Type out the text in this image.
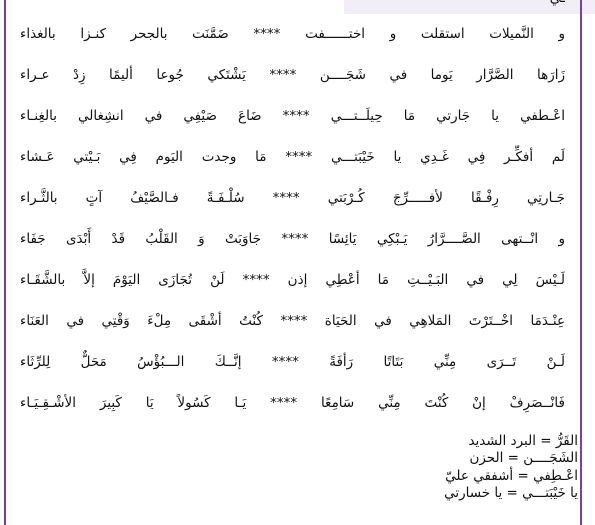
و النَّميلات استقلت و اختــــــفت **** ضَمَّنَت بالجحر كنـزا بالغذاء
زَارَها الصَّرَّار يَوما في شَجَــــن **** يَشْتَكي جُوعا أليمًا زِدْ عـراء
اعْـطفي يا جَارتي مَا حِيلَــتـــي **** ضَاعَ صَيْفِي في انشِغالي بالغِنـاء
لَم أفكِّـر فِي غَـدِي يا خَيْبَتـــي **** مَا وجدت اليَوم فِي بَـيْتي عَـشاء
جَـارتِي رِفْـقًا لأفـــــرِّجَ كُـرْبَتي **** سُلْـفَـةً فـالصَّيْفُ آتٍ بالثَّـراء
و انْــتهى الصَّــــرَّارُ يَـبْكِي يَائِسًا **** جَاوَبَتْ وَ القَلْبُ قَدْ أَبْدَى جَفَاء
لَـيْسَ لِي في البَـيْــتِ مَا أعْطِي إذن **** لَنْ تُجَازَى اليَوْمَ إلاَّ بالشَّقَـاء
عِنْـدَمَا اخْــتَرْتَ المَلاهِي في الحَيَاة **** كُنْتُ أشْقَى مِلْءَ وَقْتِي في العَنَاء
لَـنْ تَــرَى مِنِّي بَتَاتًا رَأفَةً **** إنَّــكَ الـــبُؤْسُ مَحَلٌّ لِلرِّثَاء
فَانْــصَرِفْ إنْ كُنْتَ مِنِّي سَامِعًا **** يَـا كَسُولاً يَا كَبِيرَ الأشْـقِـيَـاء
القَرُّ = البرد الشديد
الشَجَــــن = الحزن
اعْـطِفي = أشفقي عليّ
يا خَيْبَتـــي = يا خسارتي
